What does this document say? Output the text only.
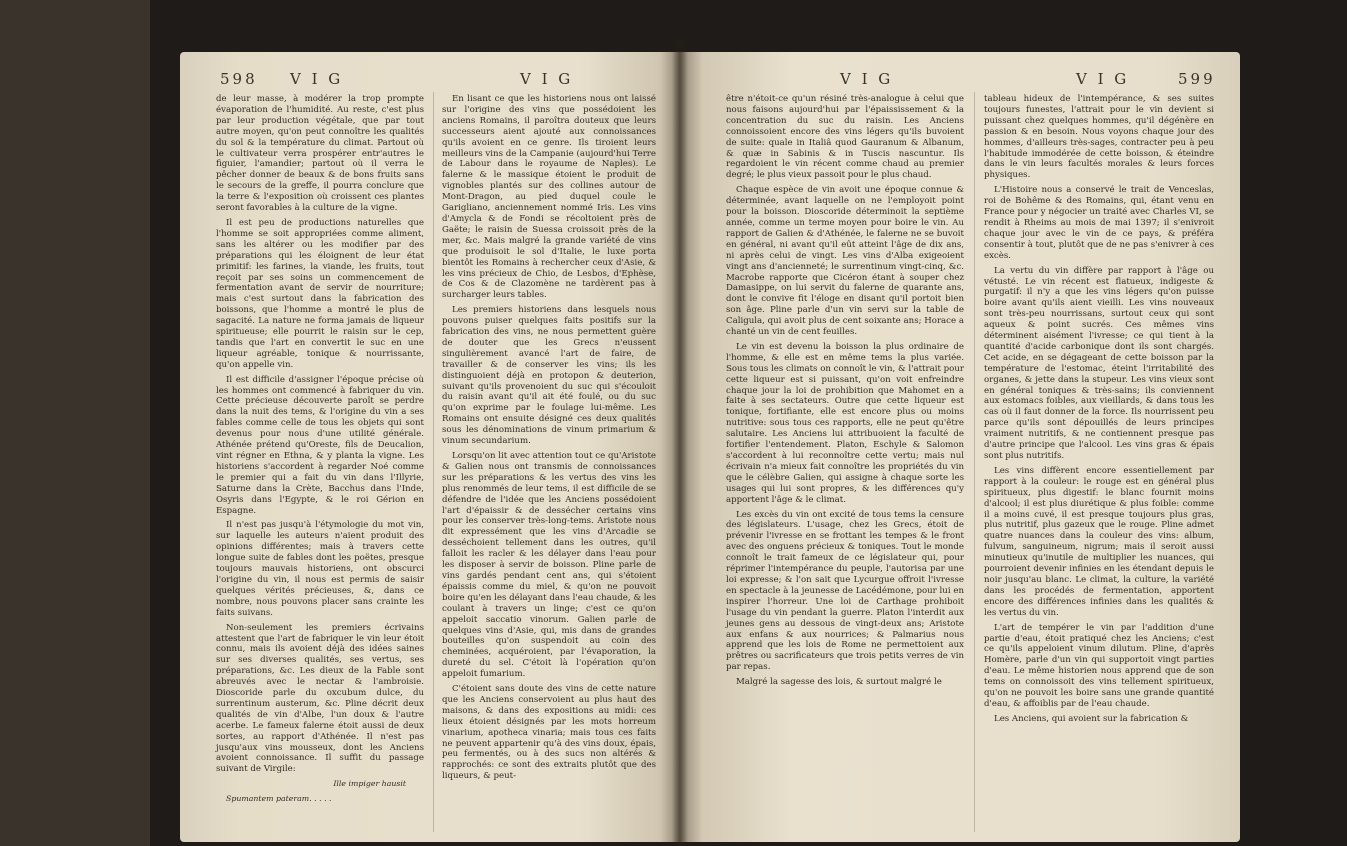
598 V I G	V I G

de leur masse, à modérer la trop prompte évaporation de l'humidité. Au reste, c'est plus par leur production végétale, que par tout autre moyen, qu'on peut connoître les qualités du sol & la température du climat. Partout où le cultivateur verra prospérer entr'autres le figuier, l'amandier; partout où il verra le pêcher donner de beaux & de bons fruits sans le secours de la greffe, il pourra conclure que la terre & l'exposition où croissent ces plantes seront favorables à la culture de la vigne.

Il est peu de productions naturelles que l'homme se soit appropriées comme aliment, sans les altérer ou les modifier par des préparations qui les éloignent de leur état primitif: les farines, la viande, les fruits, tout reçoit par ses soins un commencement de fermentation avant de servir de nourriture; mais c'est surtout dans la fabrication des boissons, que l'homme a montré le plus de sagacité. La nature ne forma jamais de liqueur spiritueuse; elle pourrit le raisin sur le cep, tandis que l'art en convertit le suc en une liqueur agréable, tonique & nourrissante, qu'on appelle vin.

Il est difficile d'assigner l'époque précise où les hommes ont commencé à fabriquer du vin. Cette précieuse découverte paroît se perdre dans la nuit des tems, & l'origine du vin a ses fables comme celle de tous les objets qui sont devenus pour nous d'une utilité générale. Athénée prétend qu'Oreste, fils de Deucalion, vint régner en Ethna, & y planta la vigne. Les historiens s'accordent à regarder Noé comme le premier qui a fait du vin dans l'Illyrie, Saturne dans la Crète, Bacchus dans l'Inde, Osyris dans l'Egypte, & le roi Gérion en Espagne.

Il n'est pas jusqu'à l'étymologie du mot vin, sur laquelle les auteurs n'aient produit des opinions différentes; mais à travers cette longue suite de fables dont les poëtes, presque toujours mauvais historiens, ont obscurci l'origine du vin, il nous est permis de saisir quelques vérités précieuses, &, dans ce nombre, nous pouvons placer sans crainte les faits suivans.

Non-seulement les premiers écrivains attestent que l'art de fabriquer le vin leur étoit connu, mais ils avoient déjà des idées saines sur ses diverses qualités, ses vertus, ses préparations, &c. Les dieux de la Fable sont abreuvés avec le nectar & l'ambroisie. Dioscoride parle du oxcubum dulce, du surrentinum austerum, &c. Pline décrit deux qualités de vin d'Albe, l'un doux & l'autre acerbe. Le fameux falerne étoit aussi de deux sortes, au rapport d'Athénée. Il n'est pas jusqu'aux vins mousseux, dont les Anciens avoient connoissance. Il suffit du passage suivant de Virgile:

Ille impiger hausit

Spumantem pateram. . . . .

En lisant ce que les historiens nous ont laissé sur l'origine des vins que possédoient les anciens Romains, il paroîtra douteux que leurs successeurs aient ajouté aux connoissances qu'ils avoient en ce genre. Ils tiroient leurs meilleurs vins de la Campanie (aujourd'hui Terre de Labour dans le royaume de Naples). Le falerne & le massique étoient le produit de vignobles plantés sur des collines autour de Mont-Dragon, au pied duquel coule le Garigliano, anciennement nommé Iris. Les vins d'Amycla & de Fondi se récoltoient près de Gaëte; le raisin de Suessa croissoit près de la mer, &c. Mais malgré la grande variété de vins que produisoit le sol d'Italie, le luxe porta bientôt les Romains à rechercher ceux d'Asie, & les vins précieux de Chio, de Lesbos, d'Ephèse, de Cos & de Clazomène ne tardèrent pas à surcharger leurs tables.

Les premiers historiens dans lesquels nous pouvons puiser quelques faits positifs sur la fabrication des vins, ne nous permettent guère de douter que les Grecs n'eussent singulièrement avancé l'art de faire, de travailler & de conserver les vins; ils les distinguoient déjà en protopon & deuterion, suivant qu'ils provenoient du suc qui s'écouloit du raisin avant qu'il ait été foulé, ou du suc qu'on exprime par le foulage lui-même. Les Romains ont ensuite désigné ces deux qualités sous les dénominations de vinum primarium & vinum secundarium.

Lorsqu'on lit avec attention tout ce qu'Aristote & Galien nous ont transmis de connoissances sur les préparations & les vertus des vins les plus renommés de leur tems, il est difficile de se défendre de l'idée que les Anciens possédoient l'art d'épaissir & de dessécher certains vins pour les conserver très-long-tems. Aristote nous dit expressément que les vins d'Arcadie se desséchoient tellement dans les outres, qu'il falloit les racler & les délayer dans l'eau pour les disposer à servir de boisson. Pline parle de vins gardés pendant cent ans, qui s'étoient épaissis comme du miel, & qu'on ne pouvoit boire qu'en les délayant dans l'eau chaude, & les coulant à travers un linge; c'est ce qu'on appeloit saccatio vinorum. Galien parle de quelques vins d'Asie, qui, mis dans de grandes bouteilles qu'on suspendoit au coin des cheminées, acquéroient, par l'évaporation, la dureté du sel. C'étoit là l'opération qu'on appeloit fumarium.

C'étoient sans doute des vins de cette nature que les Anciens conservoient au plus haut des maisons, & dans des expositions au midi: ces lieux étoient désignés par les mots horreum vinarium, apotheca vinaria; mais tous ces faits ne peuvent appartenir qu'à des vins doux, épais, peu fermentés, ou à des sucs non altérés & rapprochés: ce sont des extraits plutôt que des liqueurs, & peut-

V I G	V I G	599

être n'étoit-ce qu'un résiné très-analogue à celui que nous faisons aujourd'hui par l'épaississement & la concentration du suc du raisin. Les Anciens connoissoient encore des vins légers qu'ils buvoient de suite: quale in Italiâ quod Gauranum & Albanum, & quæ in Sabinis & in Tuscis nascuntur. Ils regardoient le vin récent comme chaud au premier degré; le plus vieux passoit pour le plus chaud.

Chaque espèce de vin avoit une époque connue & déterminée, avant laquelle on ne l'employoit point pour la boisson. Dioscoride déterminoit la septième année, comme un terme moyen pour boire le vin. Au rapport de Galien & d'Athénée, le falerne ne se buvoit en général, ni avant qu'il eût atteint l'âge de dix ans, ni après celui de vingt. Les vins d'Alba exigeoient vingt ans d'ancienneté; le surrentinum vingt-cinq, &c. Macrobe rapporte que Cicéron étant à souper chez Damasippe, on lui servit du falerne de quarante ans, dont le convive fit l'éloge en disant qu'il portoit bien son âge. Pline parle d'un vin servi sur la table de Caligula, qui avoit plus de cent soixante ans; Horace a chanté un vin de cent feuilles.

Le vin est devenu la boisson la plus ordinaire de l'homme, & elle est en même tems la plus variée. Sous tous les climats on connoît le vin, & l'attrait pour cette liqueur est si puissant, qu'on voit enfreindre chaque jour la loi de prohibition que Mahomet en a faite à ses sectateurs. Outre que cette liqueur est tonique, fortifiante, elle est encore plus ou moins nutritive: sous tous ces rapports, elle ne peut qu'être salutaire. Les Anciens lui attribuoient la faculté de fortifier l'entendement. Platon, Eschyle & Salomon s'accordent à lui reconnoître cette vertu; mais nul écrivain n'a mieux fait connoître les propriétés du vin que le célèbre Galien, qui assigne à chaque sorte les usages qui lui sont propres, & les différences qu'y apportent l'âge & le climat.

Les excès du vin ont excité de tous tems la censure des législateurs. L'usage, chez les Grecs, étoit de prévenir l'ivresse en se frottant les tempes & le front avec des onguens précieux & toniques. Tout le monde connoît le trait fameux de ce législateur qui, pour réprimer l'intempérance du peuple, l'autorisa par une loi expresse; & l'on sait que Lycurgue offroit l'ivresse en spectacle à la jeunesse de Lacédémone, pour lui en inspirer l'horreur. Une loi de Carthage prohiboit l'usage du vin pendant la guerre. Platon l'interdit aux jeunes gens au dessous de vingt-deux ans; Aristote aux enfans & aux nourrices; & Palmarius nous apprend que les lois de Rome ne permettoient aux prêtres ou sacrificateurs que trois petits verres de vin par repas.

Malgré la sagesse des lois, & surtout malgré le

tableau hideux de l'intempérance, & ses suites toujours funestes, l'attrait pour le vin devient si puissant chez quelques hommes, qu'il dégénère en passion & en besoin. Nous voyons chaque jour des hommes, d'ailleurs très-sages, contracter peu à peu l'habitude immodérée de cette boisson, & éteindre dans le vin leurs facultés morales & leurs forces physiques.

L'Histoire nous a conservé le trait de Venceslas, roi de Bohême & des Romains, qui, étant venu en France pour y négocier un traité avec Charles VI, se rendit à Rheims au mois de mai 1397; il s'enivroit chaque jour avec le vin de ce pays, & préféra consentir à tout, plutôt que de ne pas s'enivrer à ces excès.

La vertu du vin diffère par rapport à l'âge ou vétusté. Le vin récent est flatueux, indigeste & purgatif: il n'y a que les vins légers qu'on puisse boire avant qu'ils aient vieilli. Les vins nouveaux sont très-peu nourrissans, surtout ceux qui sont aqueux & point sucrés. Ces mêmes vins déterminent aisément l'ivresse; ce qui tient à la quantité d'acide carbonique dont ils sont chargés. Cet acide, en se dégageant de cette boisson par la température de l'estomac, éteint l'irritabilité des organes, & jette dans la stupeur. Les vins vieux sont en général toniques & très-sains; ils conviennent aux estomacs foibles, aux vieillards, & dans tous les cas où il faut donner de la force. Ils nourrissent peu parce qu'ils sont dépouillés de leurs principes vraiment nutritifs, & ne contiennent presque pas d'autre principe que l'alcool. Les vins gras & épais sont plus nutritifs.

Les vins diffèrent encore essentiellement par rapport à la couleur: le rouge est en général plus spiritueux, plus digestif: le blanc fournit moins d'alcool; il est plus diurétique & plus foible: comme il a moins cuvé, il est presque toujours plus gras, plus nutritif, plus gazeux que le rouge. Pline admet quatre nuances dans la couleur des vins: album, fulvum, sanguineum, nigrum; mais il seroit aussi minutieux qu'inutile de multiplier les nuances, qui pourroient devenir infinies en les étendant depuis le noir jusqu'au blanc. Le climat, la culture, la variété dans les procédés de fermentation, apportent encore des différences infinies dans les qualités & les vertus du vin.

L'art de tempérer le vin par l'addition d'une partie d'eau, étoit pratiqué chez les Anciens; c'est ce qu'ils appeloient vinum dilutum. Pline, d'après Homère, parle d'un vin qui supportoit vingt parties d'eau. Le même historien nous apprend que de son tems on connoissoit des vins tellement spiritueux, qu'on ne pouvoit les boire sans une grande quantité d'eau, & affoiblis par de l'eau chaude.

Les Anciens, qui avoient sur la fabrication &
